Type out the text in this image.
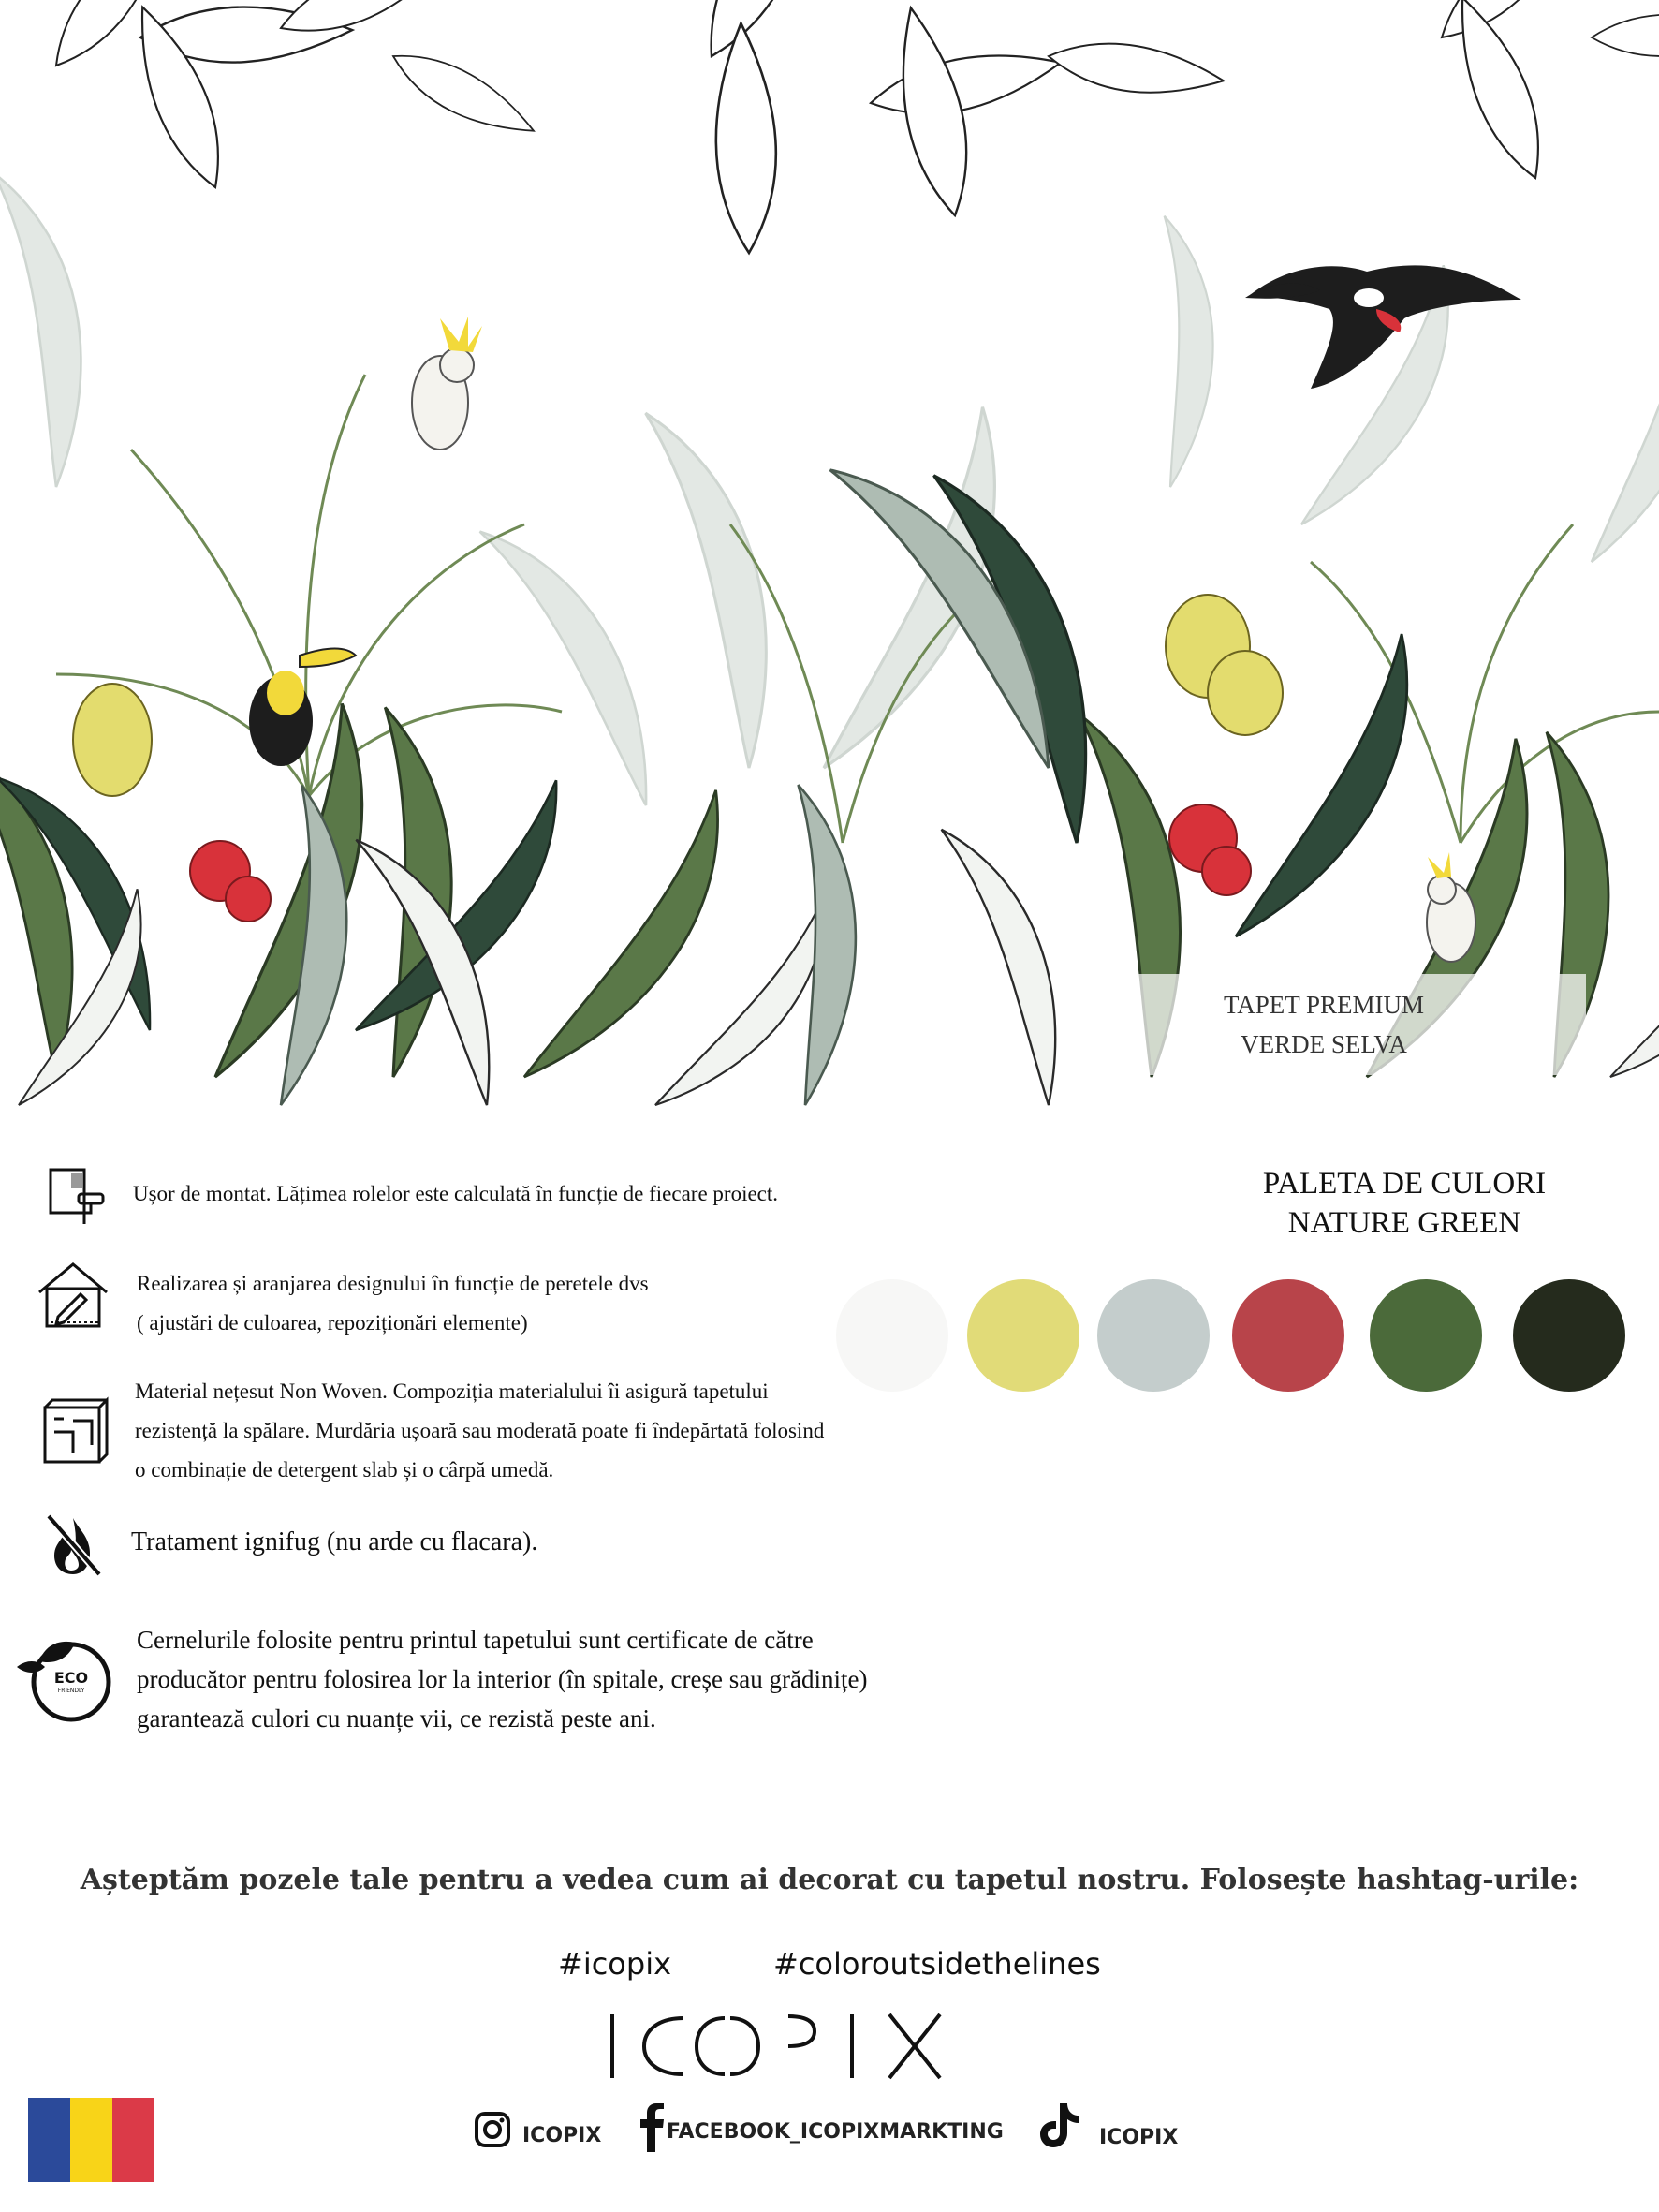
TAPET PREMIUM
VERDE SELVA
Ușor de montat. Lățimea rolelor este calculată în funcție de fiecare proiect.
Realizarea și aranjarea designului în funcție de peretele dvs
( ajustări de culoarea, repoziționări elemente)
Material nețesut Non Woven. Compoziția materialului îi asigură tapetului
rezistență la spălare. Murdăria ușoară sau moderată poate fi îndepărtată folosind
o combinație de detergent slab și o cârpă umedă.
Tratament ignifug (nu arde cu flacara).
ECO
FRIENDLY
Cernelurile folosite pentru printul tapetului sunt certificate de către
producător pentru folosirea lor la interior (în spitale, creșe sau grădinițe)
garantează culori cu nuanțe vii, ce rezistă peste ani.
PALETA DE CULORI
NATURE GREEN
Așteptăm pozele tale pentru a vedea cum ai decorat cu tapetul nostru. Folosește hashtag-urile:
#icopix	#coloroutsidethelines
ICOPIX	FACEBOOK_ICOPIXMARKTING	ICOPIX
